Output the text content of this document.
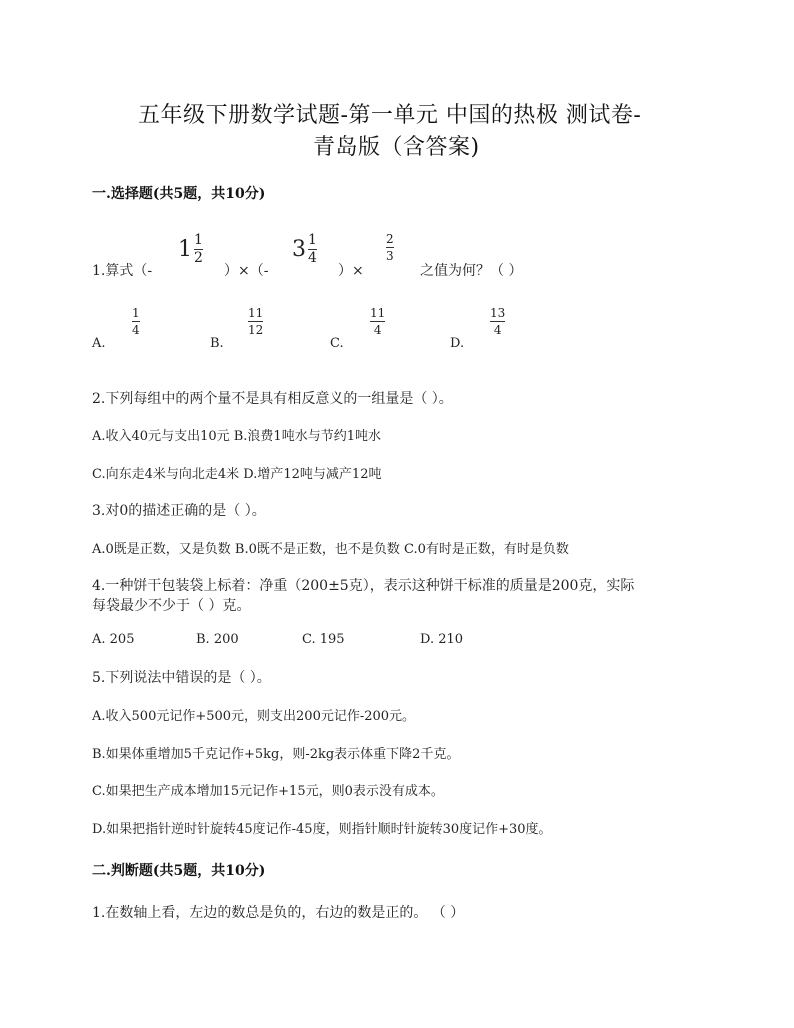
五年级下册数学试题-第一单元 中国的热极 测试卷-
青岛版（含答案)
一.选择题(共5题，共10分)
1.算式（-
$1 \frac{1}{2}$
）×（-
$3 \frac{1}{4}$
）×
2
3
之值为何？（ ）
A.
1
4
B.
11
12
C.
11
4
D.
13
4
2.下列每组中的两个量不是具有相反意义的一组量是（ ）。
A.收入40元与支出10元 B.浪费1吨水与节约1吨水
C.向东走4米与向北走4米 D.增产12吨与减产12吨
3.对0的描述正确的是（ ）。
A.0既是正数，又是负数 B.0既不是正数，也不是负数 C.0有时是正数，有时是负数
4.一种饼干包装袋上标着：净重（200±5克），表示这种饼干标准的质量是200克，实际
每袋最少不少于（ ）克。
A. 205	B. 200	C. 195	D. 210
5.下列说法中错误的是（ ）。
A.收入500元记作+500元，则支出200元记作-200元。
B.如果体重增加5千克记作+5kg，则-2kg表示体重下降2千克。
C.如果把生产成本增加15元记作+15元，则0表示没有成本。
D.如果把指针逆时针旋转45度记作-45度，则指针顺时针旋转30度记作+30度。
二.判断题(共5题，共10分)
1.在数轴上看，左边的数总是负的，右边的数是正的。 （ ）
